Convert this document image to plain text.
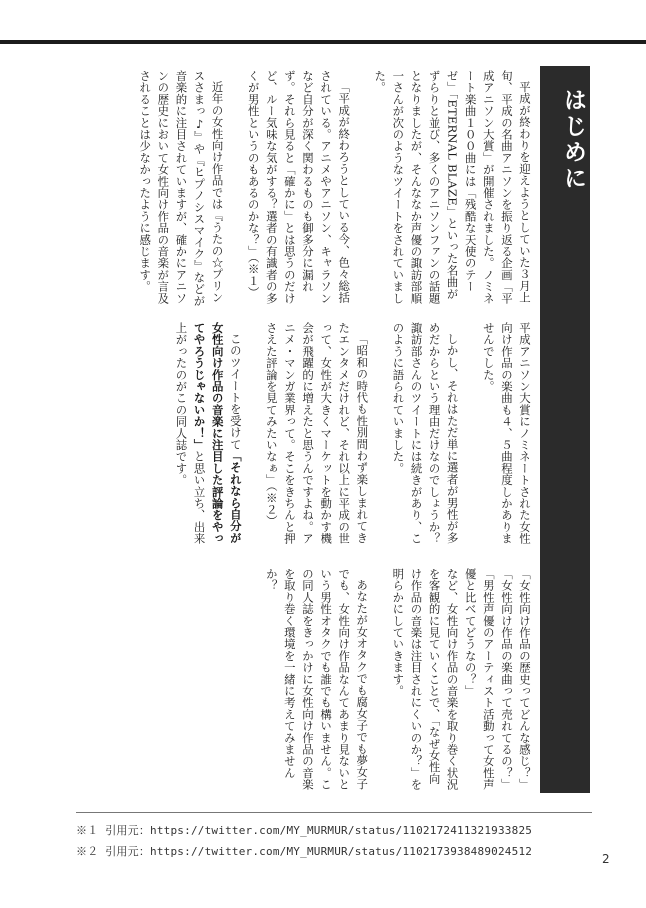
はじめに

平成が終わりを迎えようとしていた３月上旬、平成の名曲アニソンを振り返る企画「平成アニソン大賞」が開催されました。ノミネート楽曲１００曲には「残酷な天使のテーゼ」「ETERNAL BLAZE」といった名曲がずらりと並び、多くのアニソンファンの話題となりましたが、そんななか声優の諏訪部順一さんが次のようなツイートをされていました。

「平成が終わろうとしている今、色々総括されている。アニメやアニソン、キャラソンなど自分が深く関わるものも御多分に漏れず。それら見ると「確かに」とは思うのだけど、ルー気味な気がする？選者の有識者の多くが男性というのもあるのかな？」（※１）

近年の女性向け作品では『うたの☆プリンスさまっ♪』や『ヒプノシスマイク』などが音楽的に注目されていますが、確かにアニソンの歴史において女性向け作品の音楽が言及されることは少なかったように感じます。

平成アニソン大賞にノミネートされた女性向け作品の楽曲も４、５曲程度しかありませんでした。

しかし、それはただ単に選者が男性が多めだからという理由だけなのでしょうか？諏訪部さんのツイートには続きがあり、このように語られていました。

「昭和の時代も性別問わず楽しまれてきたエンタメだけれど、それ以上に平成の世って、女性が大きくマーケットを動かす機会が飛躍的に増えたと思うんですよね。アニメ・マンガ業界って。そこをきちんと押さえた評論を見てみたいなぁ」（※２）

このツイートを受けて「それなら自分が女性向け作品の音楽に注目した評論をやってやろうじゃないか！」と思い立ち、出来上がったのがこの同人誌です。

「女性向け作品の歴史ってどんな感じ？」「女性向け作品の楽曲って売れてるの？」「男性声優のアーティスト活動って女性声優と比べてどうなの？」

など、女性向け作品の音楽を取り巻く状況を客観的に見ていくことで、「なぜ女性向け作品の音楽は注目されにくいのか？」を明らかにしていきます。

あなたが女オタクでも腐女子でも夢女子でも、女性向け作品なんてあまり見ないという男性オタクでも誰でも構いません。この同人誌をきっかけに女性向け作品の音楽を取り巻く環境を一緒に考えてみませんか？

※１ 引用元：https://twitter.com/MY_MURMUR/status/1102172411321933825
※２ 引用元：https://twitter.com/MY_MURMUR/status/1102173938489024512
2
